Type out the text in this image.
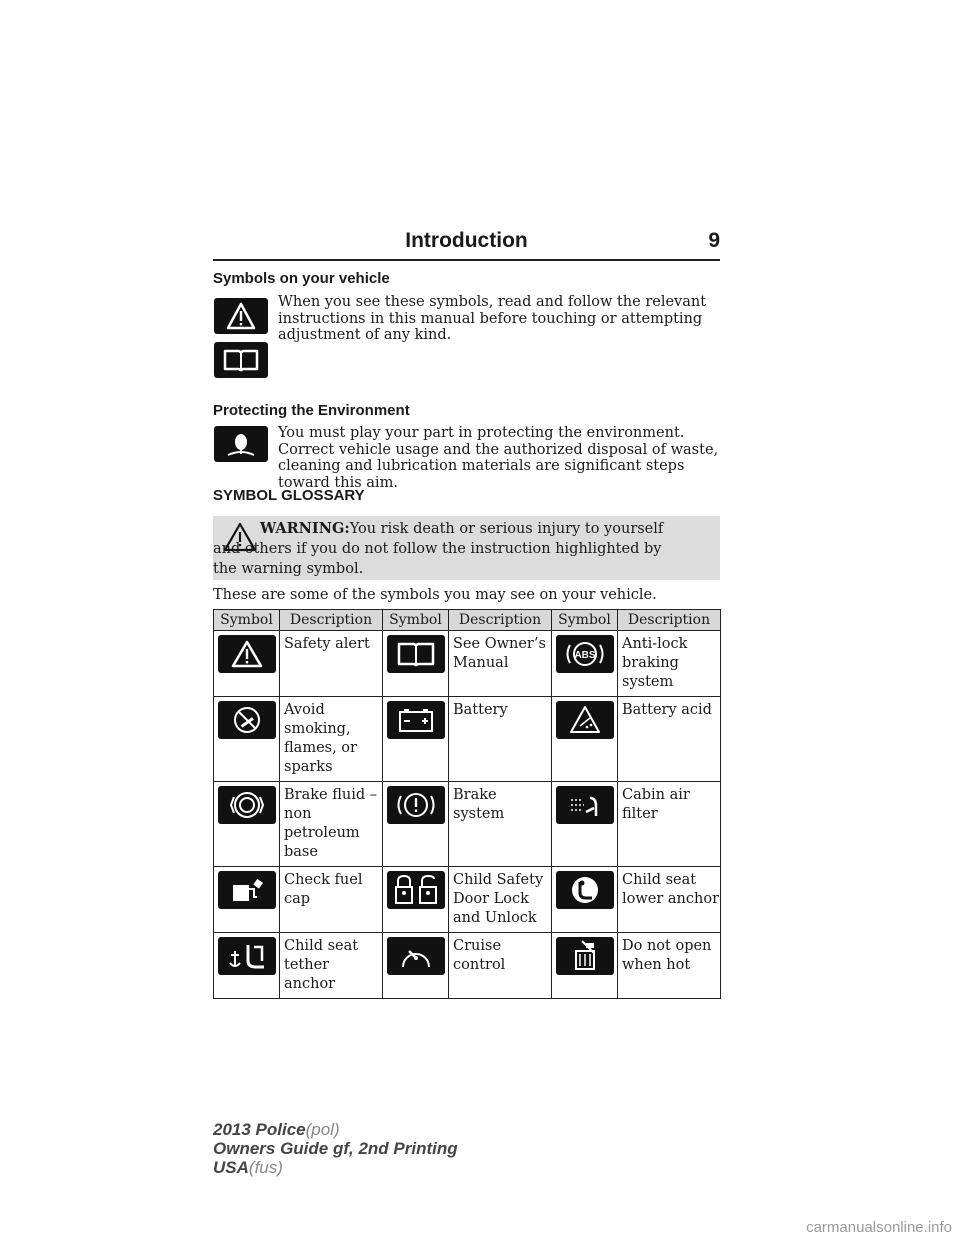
Introduction	9
Symbols on your vehicle
When you see these symbols, read and follow the relevant instructions in this manual before touching or attempting adjustment of any kind.
Protecting the Environment
You must play your part in protecting the environment. Correct vehicle usage and the authorized disposal of waste, cleaning and lubrication materials are significant steps toward this aim.
SYMBOL GLOSSARY
WARNING:You risk death or serious injury to yourself and others if you do not follow the instruction highlighted by the warning symbol.
These are some of the symbols you may see on your vehicle.
Symbol	Description	Symbol	Description	Symbol	Description

	Safety alert		See Owner’s Manual	ABS	Anti-lock braking system

	Avoid smoking, flames, or sparks		Battery		Battery acid

	Brake fluid – non petroleum base		Brake system		Cabin air filter

	Check fuel cap		Child Safety Door Lock and Unlock		Child seat lower anchor

	Child seat tether anchor		Cruise control		Do not open when hot
2013 Police(pol)
Owners Guide gf, 2nd Printing
USA(fus)
carmanualsonline.info
